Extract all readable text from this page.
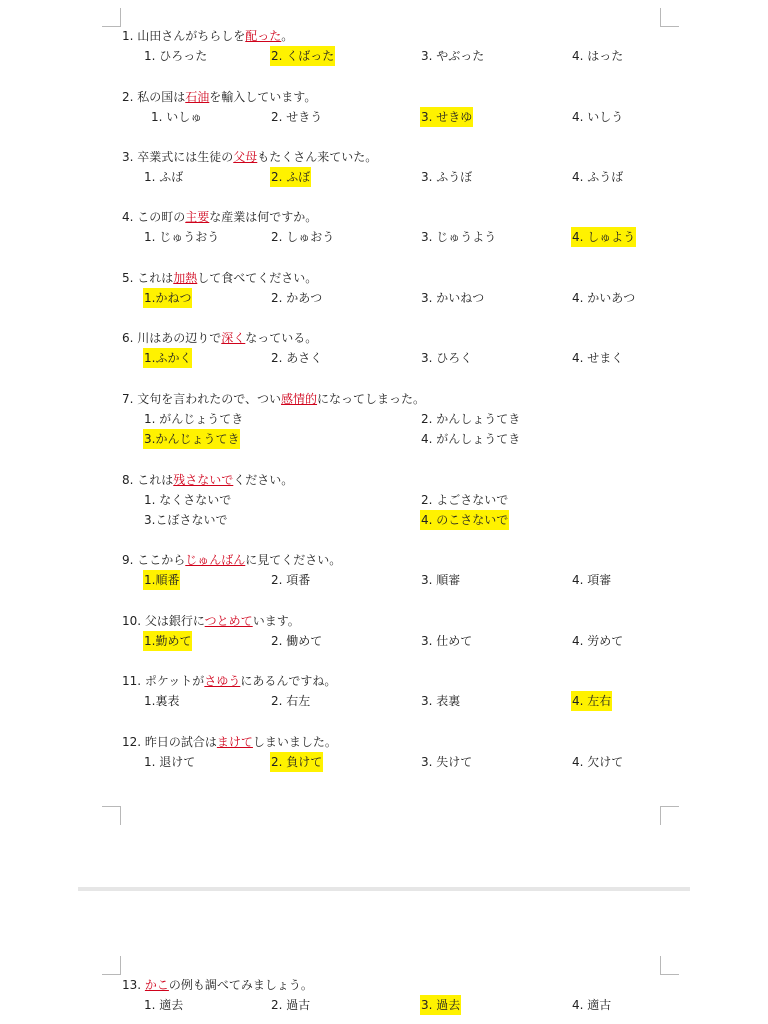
1. 山田さんがちらしを配った。
1. ひろった	2. くばった	3. やぶった	4. はった
2. 私の国は石油を輸入しています。
1. いしゅ	2. せきう	3. せきゆ	4. いしう
3. 卒業式には生徒の父母もたくさん来ていた。
1. ふば	2. ふぼ	3. ふうぼ	4. ふうば
4. この町の主要な産業は何ですか。
1. じゅうおう	2. しゅおう	3. じゅうよう	4. しゅよう
5. これは加熱して食べてください。
1.かねつ	2. かあつ	3. かいねつ	4. かいあつ
6. 川はあの辺りで深くなっている。
1.ふかく	2. あさく	3. ひろく	4. せまく
7. 文句を言われたので、つい感情的になってしまった。
1. がんじょうてき	2. かんしょうてき
3.かんじょうてき	4. がんしょうてき
8. これは残さないでください。
1. なくさないで	2. よごさないで
3.こぼさないで	4. のこさないで
9. ここからじゅんばんに見てください。
1.順番	2. 項番	3. 順審	4. 項審
10. 父は銀行につとめています。
1.勤めて	2. 働めて	3. 仕めて	4. 労めて
11. ポケットがさゆうにあるんですね。
1.裏表	2. 右左	3. 表裏	4. 左右
12. 昨日の試合はまけてしまいました。
1. 退けて	2. 負けて	3. 失けて	4. 欠けて
13. かこの例も調べてみましょう。
1. 適去	2. 過古	3. 過去	4. 適古
